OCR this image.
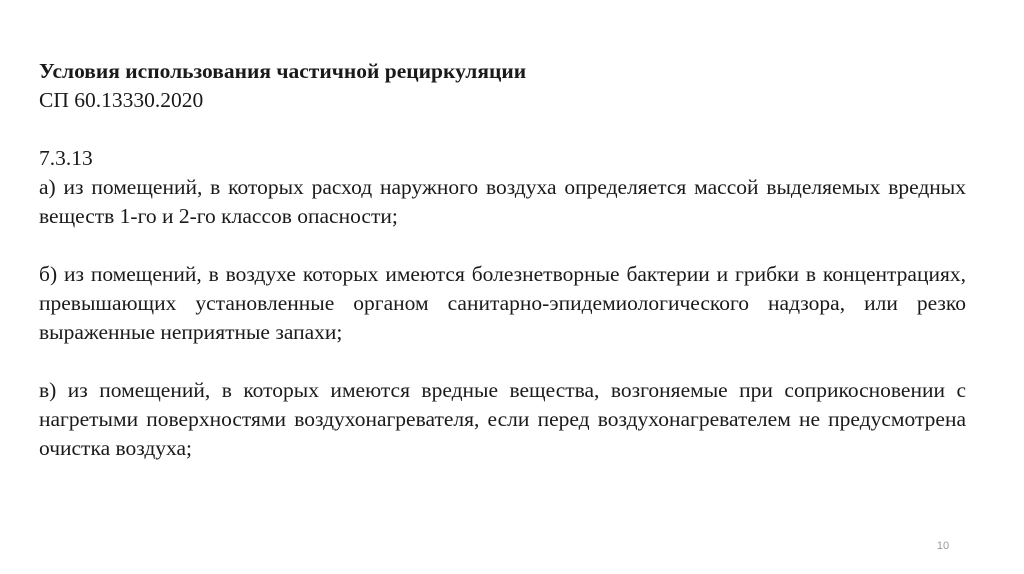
Условия использования частичной рециркуляции

СП 60.13330.2020

7.3.13

а) из помещений, в которых расход наружного воздуха определяется массой выделяемых вредных веществ 1-го и 2-го классов опасности;

б) из помещений, в воздухе которых имеются болезнетворные бактерии и грибки в концентрациях, превышающих установленные органом санитарно-эпидемиологического надзора, или резко выраженные неприятные запахи;

в) из помещений, в которых имеются вредные вещества, возгоняемые при соприкосновении с нагретыми поверхностями воздухонагревателя, если перед воздухонагревателем не предусмотрена очистка воздуха;

10
